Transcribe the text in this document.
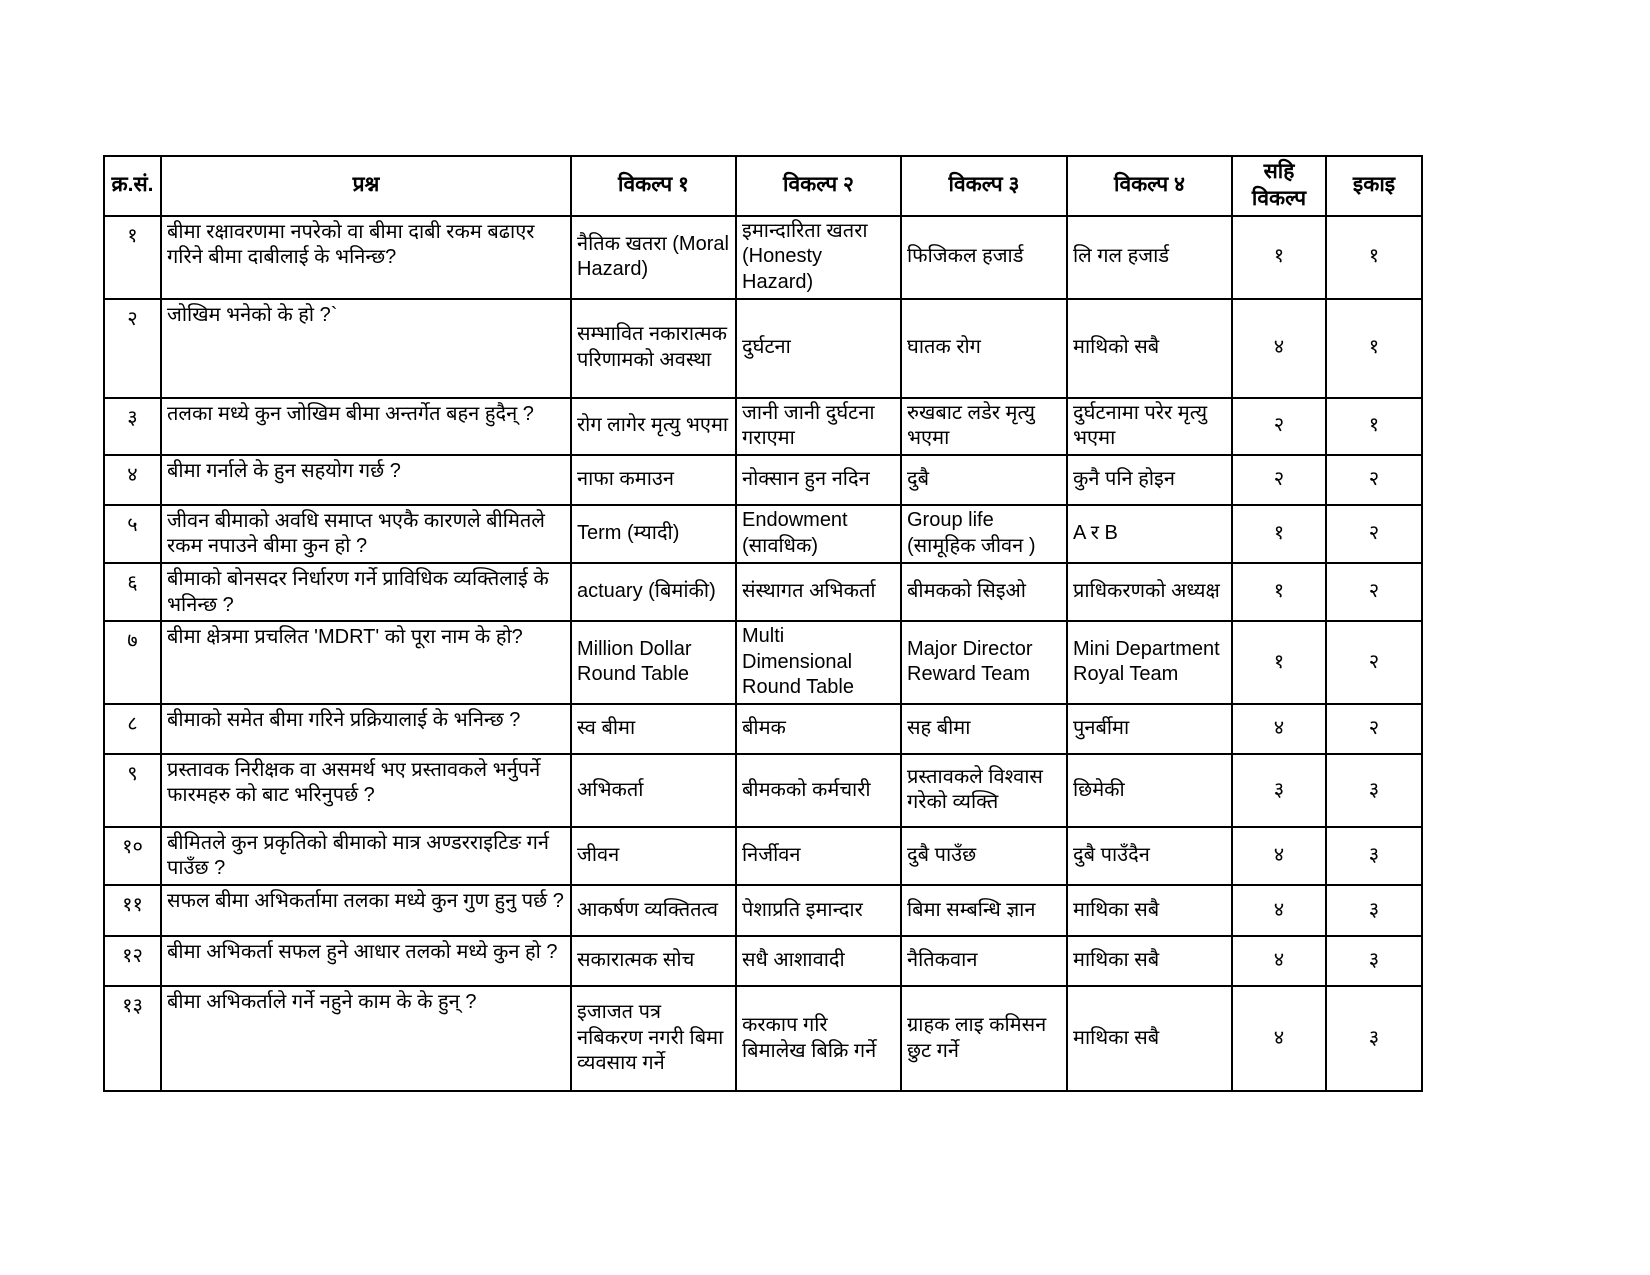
क्र.सं.	प्रश्न	विकल्प १	विकल्प २	विकल्प ३	विकल्प ४	सहि विकल्प	इकाइ
१	बीमा रक्षावरणमा नपरेको वा बीमा दाबी रकम बढाएर गरिने बीमा दाबीलाई के भनिन्छ?	नैतिक खतरा (Moral Hazard)	इमान्दारिता खतरा (Honesty Hazard)	फिजिकल हजार्ड	लि गल हजार्ड	१	१
२	जोखिम भनेको के हो ?`	सम्भावित नकारात्मक परिणामको अवस्था	दुर्घटना	घातक रोग	माथिको सबै	४	१
३	तलका मध्ये कुन जोखिम बीमा अन्तर्गेत बहन हुदैन् ?	रोग लागेर मृत्यु भएमा	जानी जानी दुर्घटना गराएमा	रुखबाट लडेर मृत्यु भएमा	दुर्घटनामा परेर मृत्यु भएमा	२	१
४	बीमा गर्नाले के हुन सहयोग गर्छ ?	नाफा कमाउन	नोक्सान हुन नदिन	दुबै	कुनै पनि होइन	२	२
५	जीवन बीमाको अवधि समाप्त भएकै कारणले बीमितले रकम नपाउने बीमा कुन हो ?	Term (म्यादी)	Endowment (सावधिक)	Group life (सामूहिक जीवन )	A र B	१	२
६	बीमाको बोनसदर निर्धारण गर्ने प्राविधिक व्यक्तिलाई के भनिन्छ ?	actuary (बिमांकी)	संस्थागत अभिकर्ता	बीमकको सिइओ	प्राधिकरणको अध्यक्ष	१	२
७	बीमा क्षेत्रमा प्रचलित 'MDRT' को पूरा नाम के हो?	Million Dollar Round Table	Multi Dimensional Round Table	Major Director Reward Team	Mini Department Royal Team	१	२
८	बीमाको समेत बीमा गरिने प्रक्रियालाई के भनिन्छ ?	स्व बीमा	बीमक	सह बीमा	पुनर्बीमा	४	२
९	प्रस्तावक निरीक्षक वा असमर्थ भए प्रस्तावकले भर्नुपर्ने फारमहरु को बाट भरिनुपर्छ ?	अभिकर्ता	बीमकको कर्मचारी	प्रस्तावकले विश्वास गरेको व्यक्ति	छिमेकी	३	३
१०	बीमितले कुन प्रकृतिको बीमाको मात्र अण्डरराइटिङ गर्न पाउँछ ?	जीवन	निर्जीवन	दुबै पाउँछ	दुबै पाउँदैन	४	३
११	सफल बीमा अभिकर्तामा तलका मध्ये कुन गुण हुनु पर्छ ?	आकर्षण व्यक्तितत्व	पेशाप्रति इमान्दार	बिमा सम्बन्धि ज्ञान	माथिका सबै	४	३
१२	बीमा अभिकर्ता सफल हुने आधार तलको मध्ये कुन हो ?	सकारात्मक सोच	सधै आशावादी	नैतिकवान	माथिका सबै	४	३
१३	बीमा अभिकर्ताले गर्ने नहुने काम के के हुन् ?	इजाजत पत्र नबिकरण नगरी बिमा व्यवसाय गर्ने	करकाप गरि बिमालेख बिक्रि गर्ने	ग्राहक लाइ कमिसन छुट गर्ने	माथिका सबै	४	३
